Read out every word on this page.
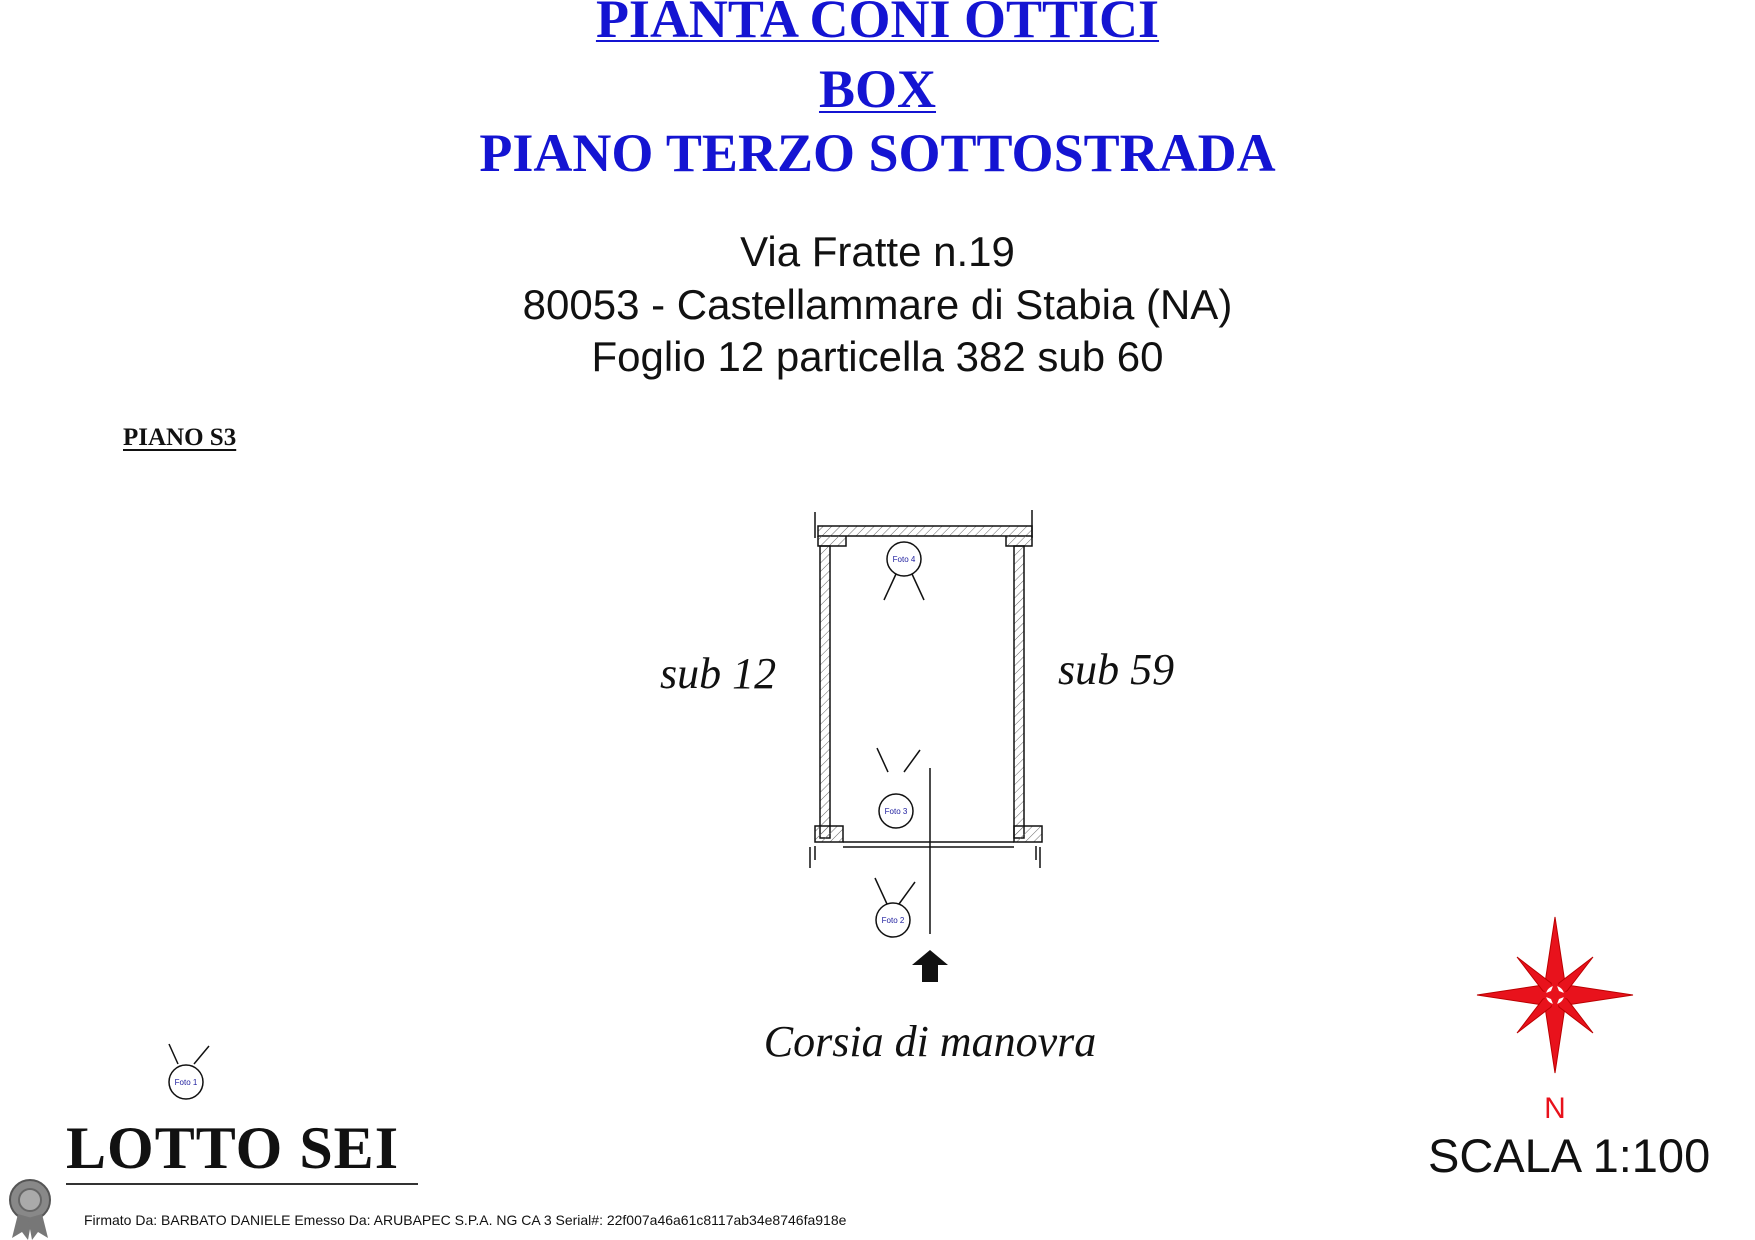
PIANTA CONI OTTICI
BOX
PIANO TERZO SOTTOSTRADA
Via Fratte n.19
80053 - Castellammare di Stabia (NA)
Foglio 12 particella 382 sub 60
PIANO S3
Foto 4
Foto 3
Foto 2
Foto 1
sub 12	sub 59
Corsia di manovra
N
LOTTO SEI	SCALA 1:100
Firmato Da: BARBATO DANIELE Emesso Da: ARUBAPEC S.P.A. NG CA 3 Serial#: 22f007a46a61c8117ab34e8746fa918e
